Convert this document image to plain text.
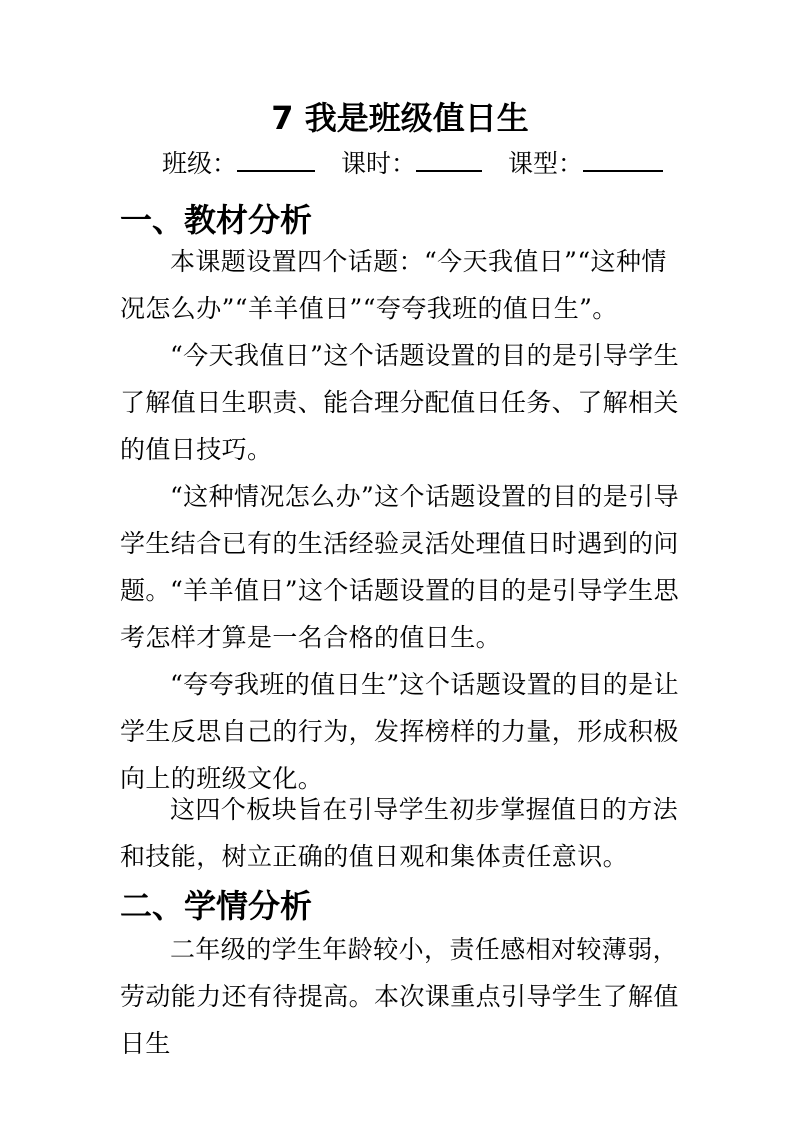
7 我是班级值日生
班级：	课时：	课型：
一、教材分析

本课题设置四个话题：“今天我值日”“这种情况怎么办”“羊羊值日”“夸夸我班的值日生”。

“今天我值日”这个话题设置的目的是引导学生了解值日生职责、能合理分配值日任务、了解相关的值日技巧。

“这种情况怎么办”这个话题设置的目的是引导学生结合已有的生活经验灵活处理值日时遇到的问题。 “羊羊值日”这个话题设置的目的是引导学生思考怎样才算是一名合格的值日生。

“夸夸我班的值日生”这个话题设置的目的是让学生反思自己的行为，发挥榜样的力量，形成积极向上的班级文化。

这四个板块旨在引导学生初步掌握值日的方法和技能，树立正确的值日观和集体责任意识。

二、学情分析

二年级的学生年龄较小，责任感相对较薄弱，劳动能力还有待提高。本次课重点引导学生了解值日生
